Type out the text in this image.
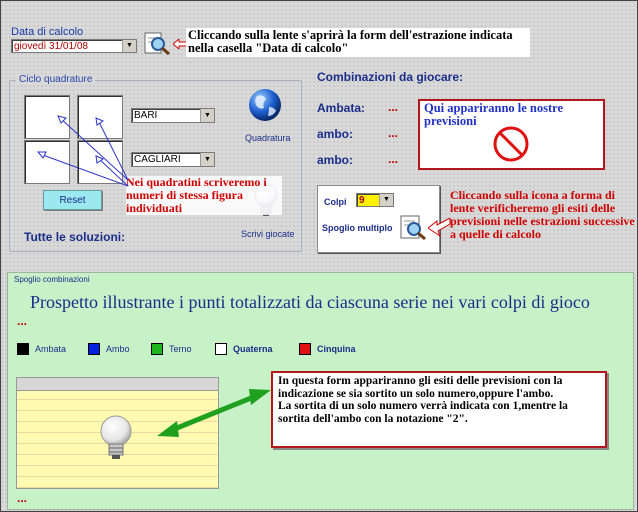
Data di calcolo
giovedì 31/01/08	▼
Cliccando sulla lente s'aprirà la form dell'estrazione indicata nella casella "Data di calcolo"
Ciclo quadrature
BARI	▼
CAGLIARI	▼
Quadratura
Reset
Scrivi giocate
Tutte le soluzioni:
Nei quadratini scriveremo i numeri di stessa figura individuati
Combinazioni da giocare:
Ambata: ...
ambo:	...
ambo:	...
Qui appariranno le nostre previsioni
Colpi	9	▼
Spoglio multiplo
Cliccando sulla icona a forma di lente verificheremo gli esiti delle previsioni nelle estrazioni successive a quelle di calcolo
Spoglio combinazioni
Prospetto illustrante i punti totalizzati da ciascuna serie nei vari colpi di gioco
...
Ambata	Ambo	Terno	Quaterna	Cinquina
In questa form appariranno gli esiti delle previsioni con la indicazione se sia sortito un solo numero,oppure l'ambo.
La sortita di un solo numero verrà indicata con 1,mentre la sortita dell'ambo con la notazione "2".
...
